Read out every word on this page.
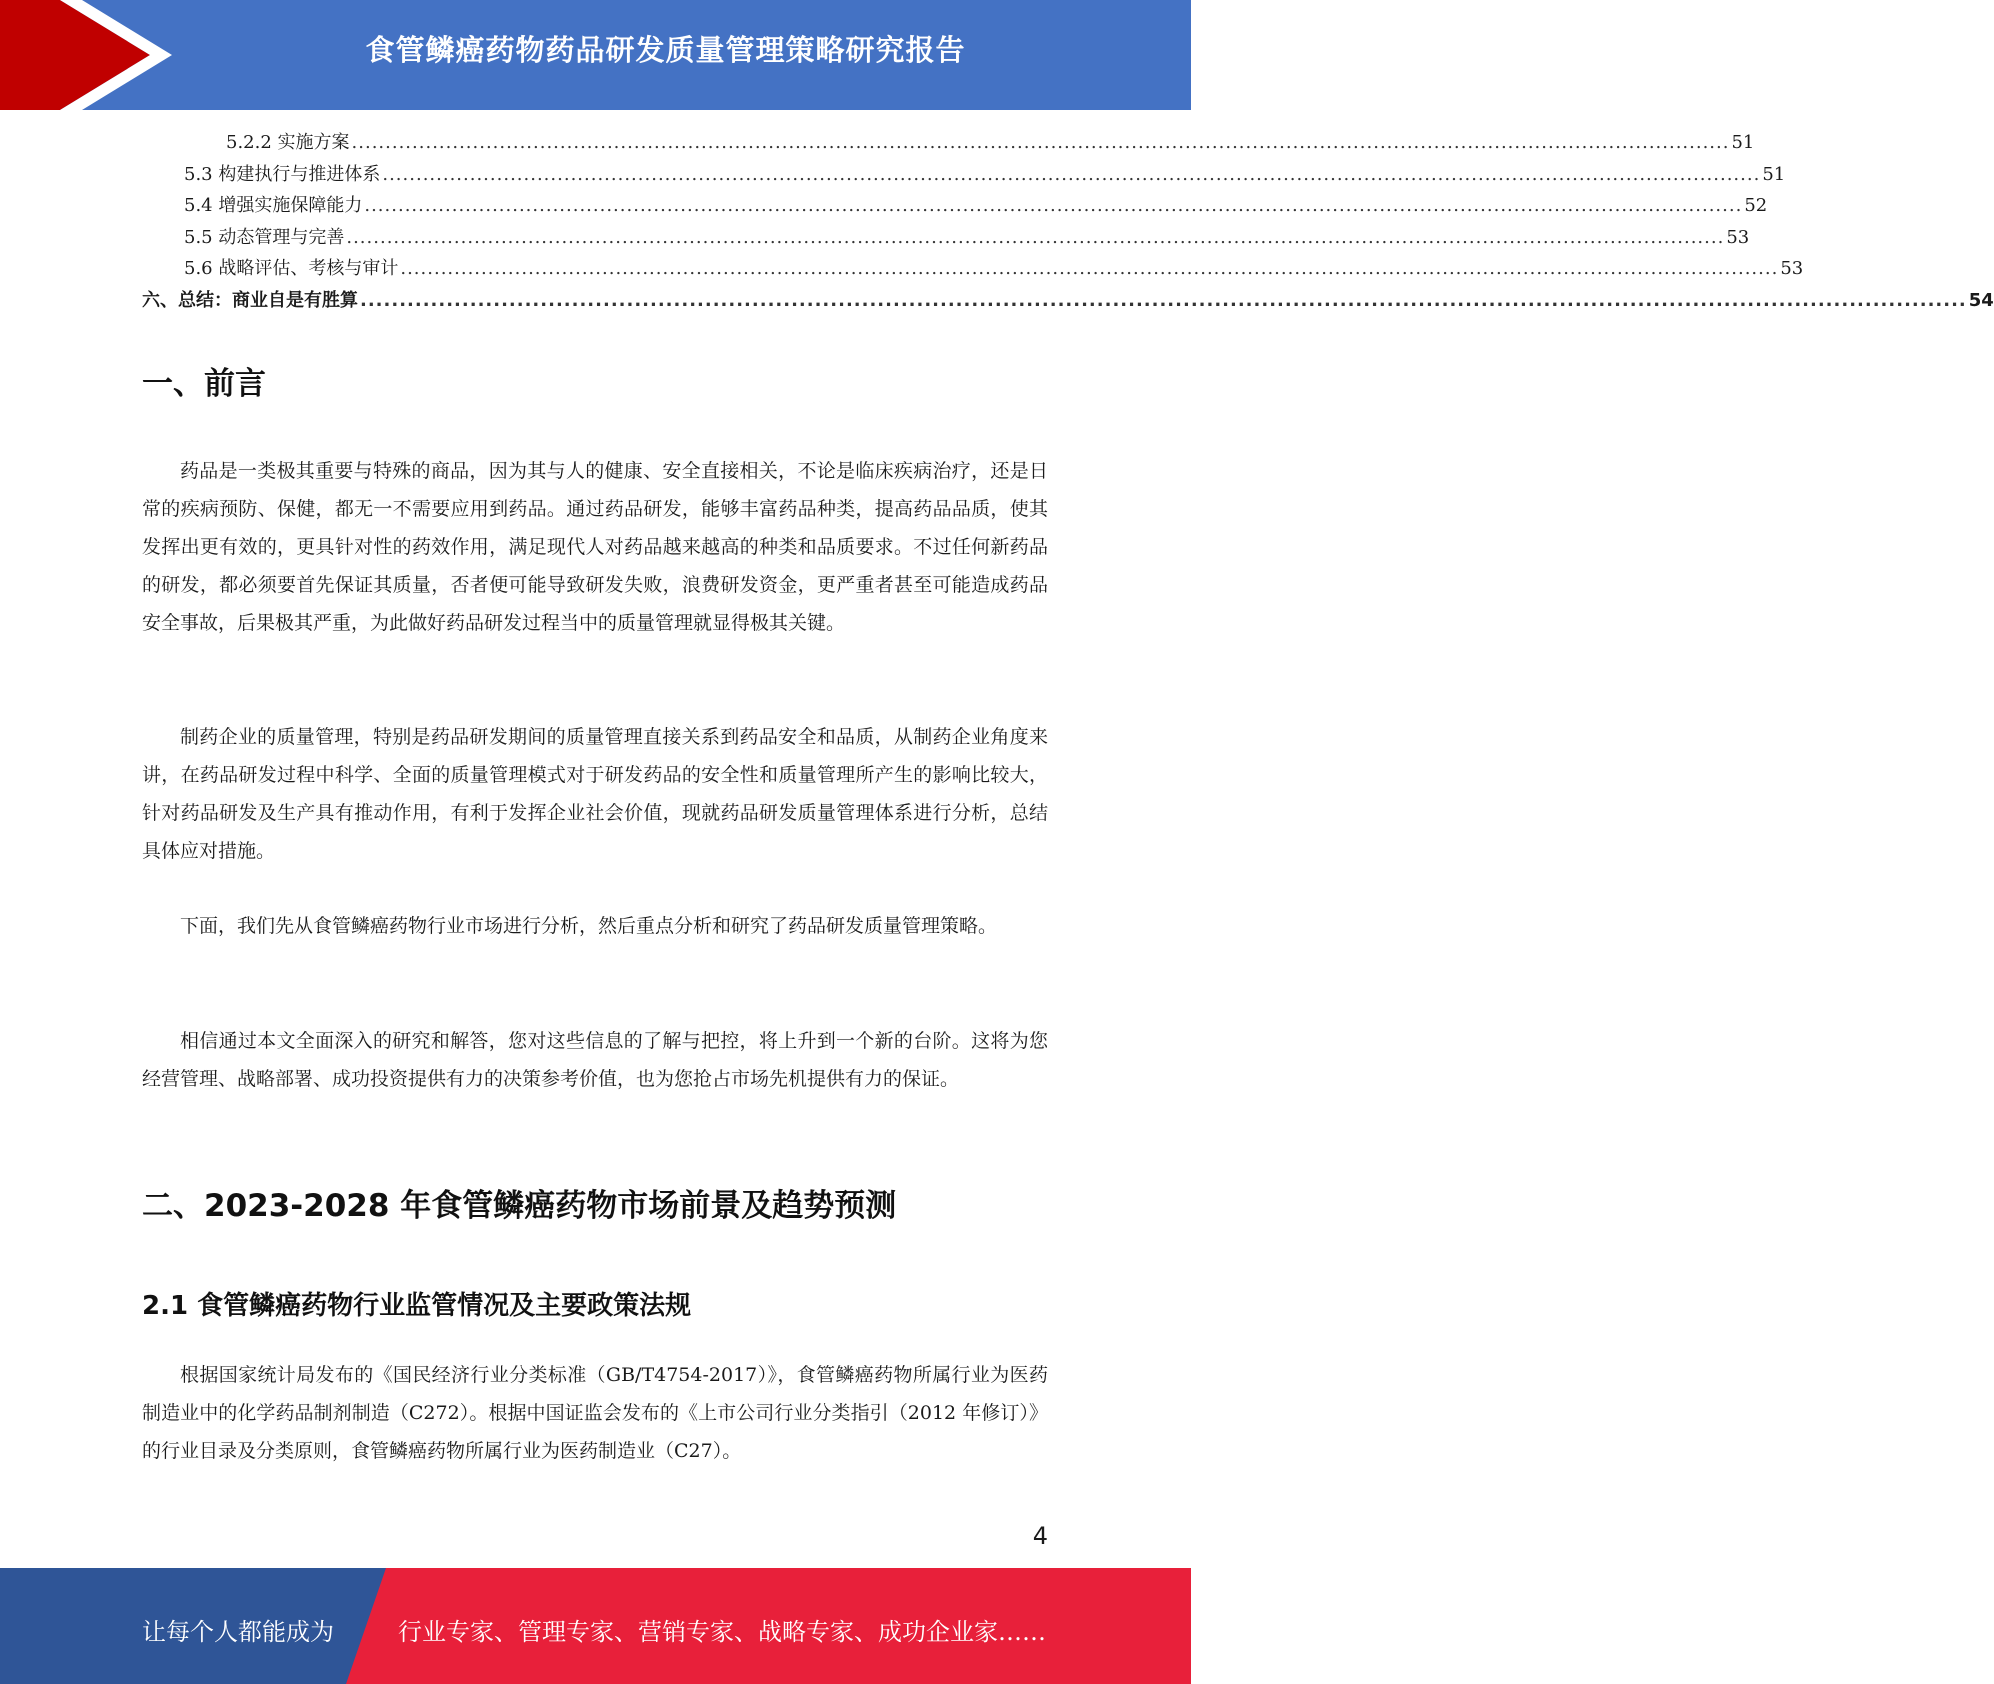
食管鳞癌药物药品研发质量管理策略研究报告
5.2.2 实施方案 ............................................................................................................................................................................................................. 51
5.3 构建执行与推进体系 ............................................................................................................................................................................................................. 51
5.4 增强实施保障能力 ............................................................................................................................................................................................................. 52
5.5 动态管理与完善 ............................................................................................................................................................................................................. 53
5.6 战略评估、考核与审计 ............................................................................................................................................................................................................. 53
六、总结：商业自是有胜算 ............................................................................................................................................................................................................. 54
一、前言

药品是一类极其重要与特殊的商品，因为其与人的健康、安全直接相关，不论是临床疾病治疗，还是日常的疾病预防、保健，都无一不需要应用到药品。通过药品研发，能够丰富药品种类，提高药品品质，使其发挥出更有效的，更具针对性的药效作用，满足现代人对药品越来越高的种类和品质要求。不过任何新药品的研发，都必须要首先保证其质量，否者便可能导致研发失败，浪费研发资金，更严重者甚至可能造成药品安全事故，后果极其严重，为此做好药品研发过程当中的质量管理就显得极其关键。

制药企业的质量管理，特别是药品研发期间的质量管理直接关系到药品安全和品质，从制药企业角度来讲，在药品研发过程中科学、全面的质量管理模式对于研发药品的安全性和质量管理所产生的影响比较大，针对药品研发及生产具有推动作用，有利于发挥企业社会价值，现就药品研发质量管理体系进行分析，总结具体应对措施。

下面，我们先从食管鳞癌药物行业市场进行分析，然后重点分析和研究了药品研发质量管理策略。

相信通过本文全面深入的研究和解答，您对这些信息的了解与把控，将上升到一个新的台阶。这将为您经营管理、战略部署、成功投资提供有力的决策参考价值，也为您抢占市场先机提供有力的保证。

二、2023-2028 年食管鳞癌药物市场前景及趋势预测
2.1 食管鳞癌药物行业监管情况及主要政策法规

根据国家统计局发布的《国民经济行业分类标准（GB/T4754-2017）》，食管鳞癌药物所属行业为医药制造业中的化学药品制剂制造（C272）。根据中国证监会发布的《上市公司行业分类指引（2012 年修订）》的行业目录及分类原则，食管鳞癌药物所属行业为医药制造业（C27）。

4
让每个人都能成为	行业专家、管理专家、营销专家、战略专家、成功企业家……
